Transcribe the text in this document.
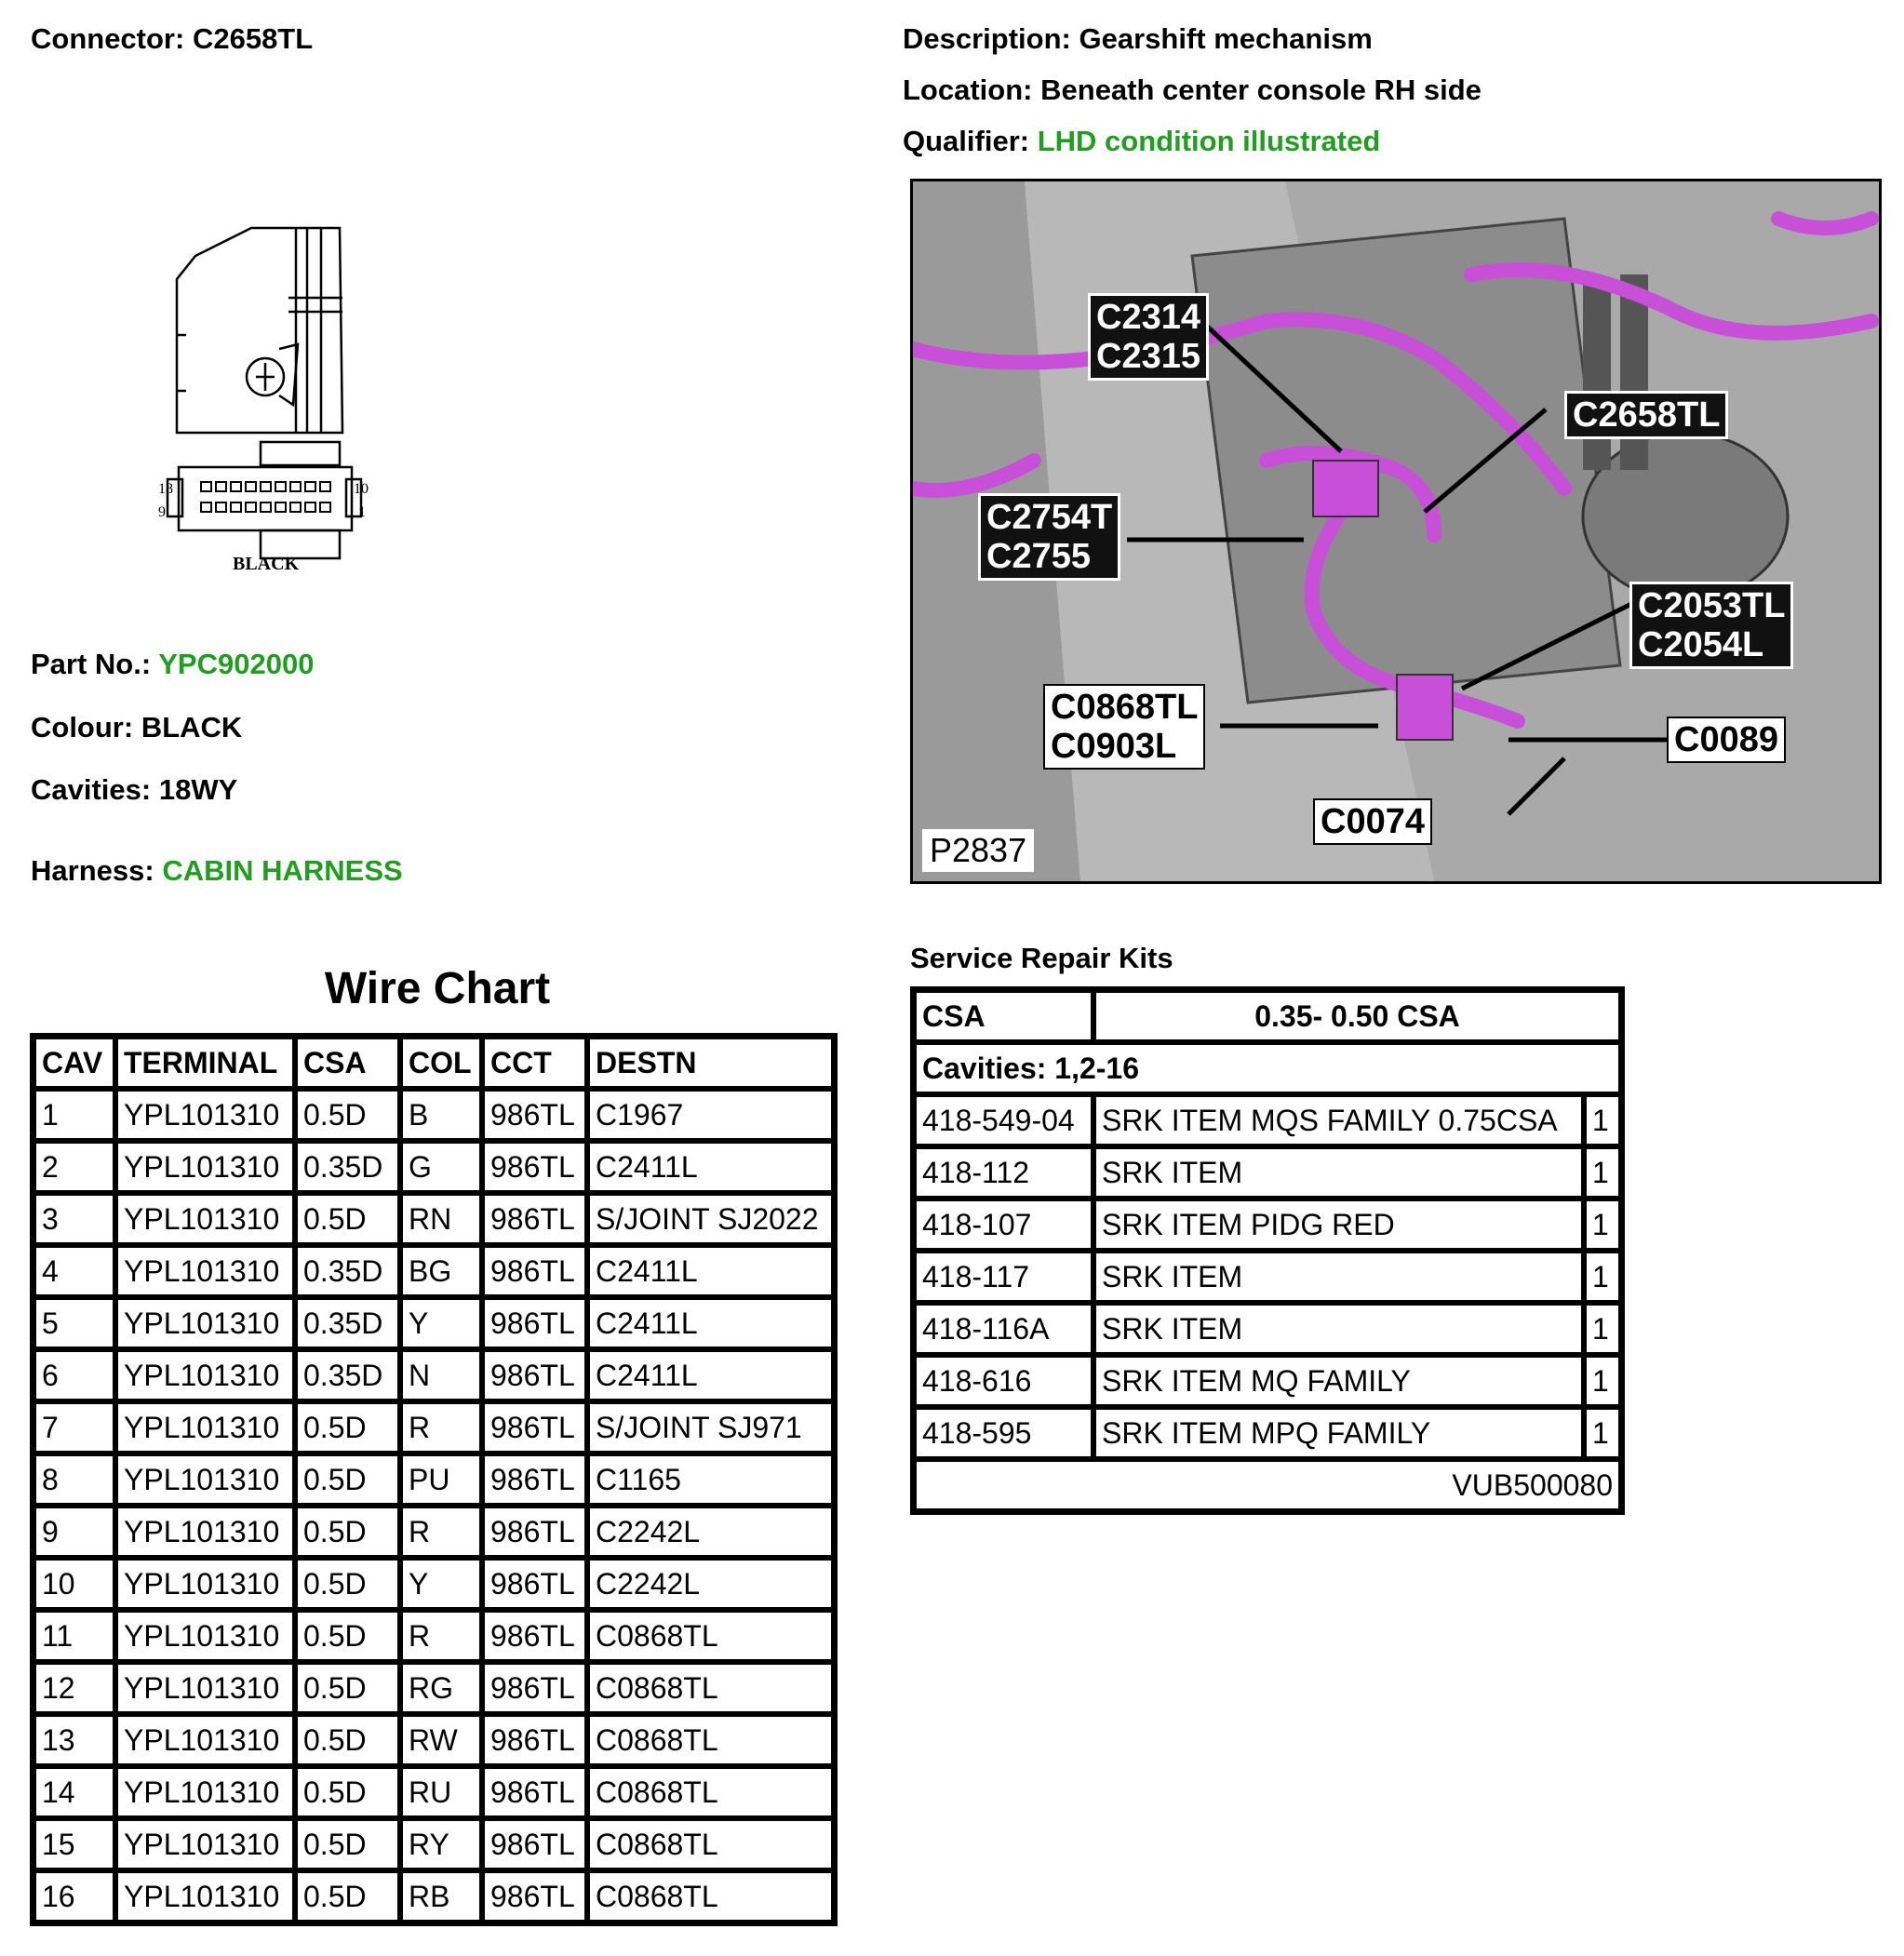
Connector: C2658TL	Description: Gearshift mechanism
Location: Beneath center console RH side
Qualifier: LHD condition illustrated
18	10
9	1
BLACK
Part No.: YPC902000
Colour: BLACK
Cavities: 18WY
Harness: CABIN HARNESS
C2314
C2315
C2658TL
C2754T
C2755
C2053TL
C2054L
C0868TL
C0903L	C0089
C0074
P2837
Wire Chart
CAV	TERMINAL	CSA	COL	CCT	DESTN
1	YPL101310	0.5D	B	986TL	C1967
2	YPL101310	0.35D	G	986TL	C2411L
3	YPL101310	0.5D	RN	986TL	S/JOINT SJ2022
4	YPL101310	0.35D	BG	986TL	C2411L
5	YPL101310	0.35D	Y	986TL	C2411L
6	YPL101310	0.35D	N	986TL	C2411L
7	YPL101310	0.5D	R	986TL	S/JOINT SJ971
8	YPL101310	0.5D	PU	986TL	C1165
9	YPL101310	0.5D	R	986TL	C2242L
10	YPL101310	0.5D	Y	986TL	C2242L
11	YPL101310	0.5D	R	986TL	C0868TL
12	YPL101310	0.5D	RG	986TL	C0868TL
13	YPL101310	0.5D	RW	986TL	C0868TL
14	YPL101310	0.5D	RU	986TL	C0868TL
15	YPL101310	0.5D	RY	986TL	C0868TL
16	YPL101310	0.5D	RB	986TL	C0868TL
Service Repair Kits
CSA	0.35- 0.50 CSA	
Cavities: 1,2-16		
418-549-04	SRK ITEM MQS FAMILY 0.75CSA	1
418-112	SRK ITEM	1
418-107	SRK ITEM PIDG RED	1
418-117	SRK ITEM	1
418-116A	SRK ITEM	1
418-616	SRK ITEM MQ FAMILY	1
418-595	SRK ITEM MPQ FAMILY	1
VUB500080		
